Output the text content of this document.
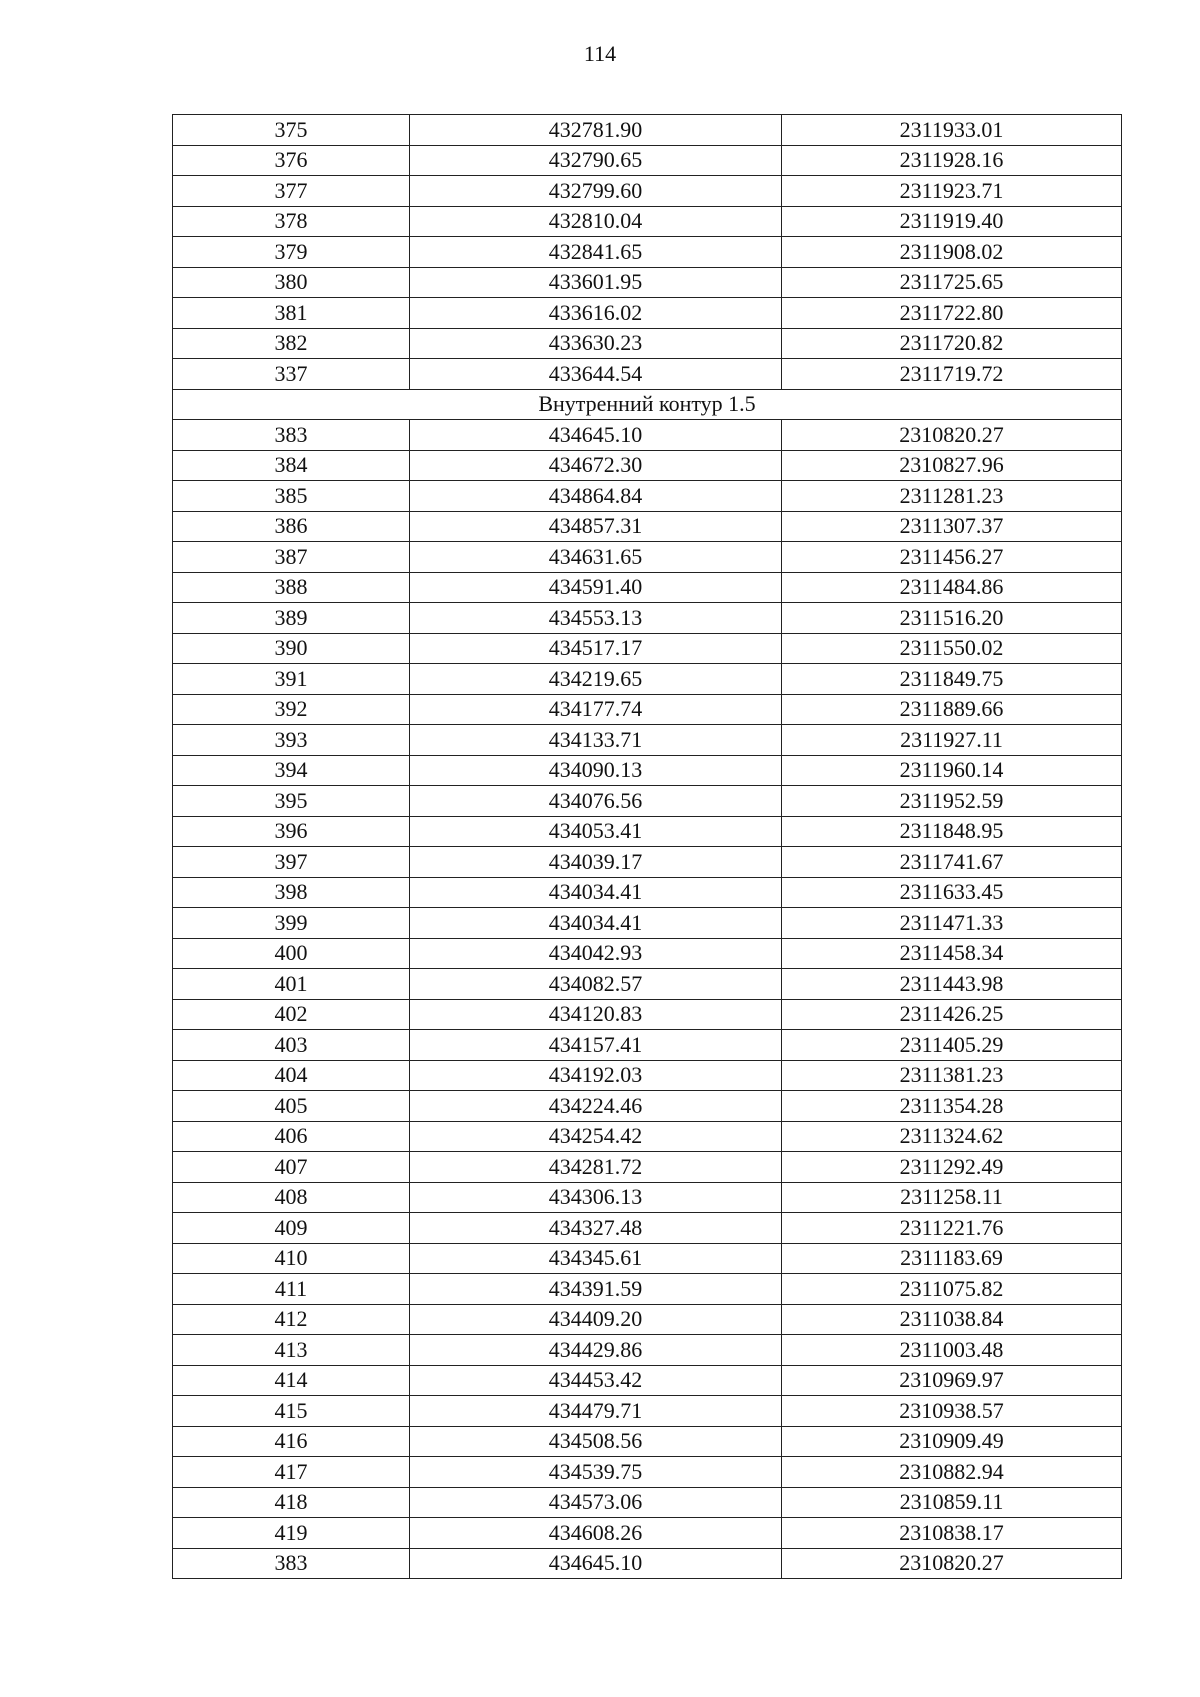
114
375	432781.90	2311933.01
376	432790.65	2311928.16
377	432799.60	2311923.71
378	432810.04	2311919.40
379	432841.65	2311908.02
380	433601.95	2311725.65
381	433616.02	2311722.80
382	433630.23	2311720.82
337	433644.54	2311719.72
Внутренний контур 1.5		
383	434645.10	2310820.27
384	434672.30	2310827.96
385	434864.84	2311281.23
386	434857.31	2311307.37
387	434631.65	2311456.27
388	434591.40	2311484.86
389	434553.13	2311516.20
390	434517.17	2311550.02
391	434219.65	2311849.75
392	434177.74	2311889.66
393	434133.71	2311927.11
394	434090.13	2311960.14
395	434076.56	2311952.59
396	434053.41	2311848.95
397	434039.17	2311741.67
398	434034.41	2311633.45
399	434034.41	2311471.33
400	434042.93	2311458.34
401	434082.57	2311443.98
402	434120.83	2311426.25
403	434157.41	2311405.29
404	434192.03	2311381.23
405	434224.46	2311354.28
406	434254.42	2311324.62
407	434281.72	2311292.49
408	434306.13	2311258.11
409	434327.48	2311221.76
410	434345.61	2311183.69
411	434391.59	2311075.82
412	434409.20	2311038.84
413	434429.86	2311003.48
414	434453.42	2310969.97
415	434479.71	2310938.57
416	434508.56	2310909.49
417	434539.75	2310882.94
418	434573.06	2310859.11
419	434608.26	2310838.17
383	434645.10	2310820.27
